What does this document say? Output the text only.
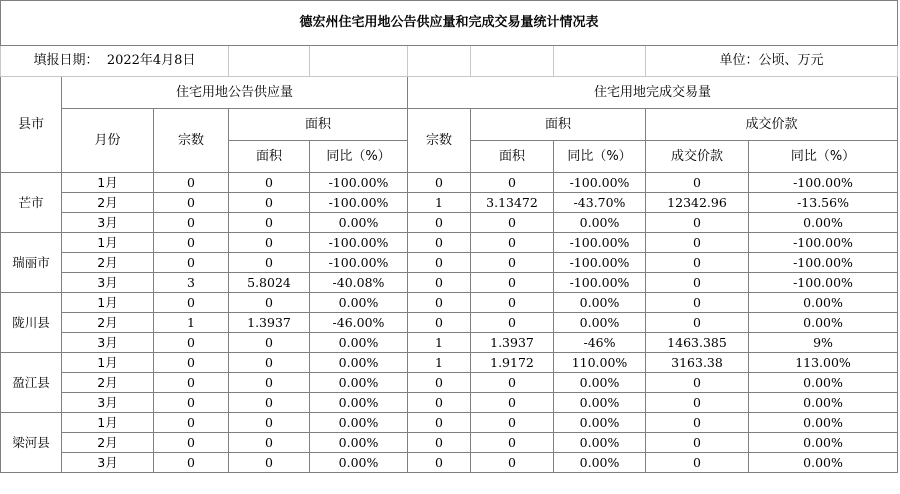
德宏州住宅用地公告供应量和完成交易量统计情况表									
填报日期： 2022年4月8日								单位：公顷、万元	
县市	住宅用地公告供应量				住宅用地完成交易量				
	月份	宗数	面积		宗数	面积		成交价款	
			面积	同比（%）		面积	同比（%）	成交价款	同比（%）
芒市	1月	0	0	-100.00%	0	0	-100.00%	0	-100.00%
	2月	0	0	-100.00%	1	3.13472	-43.70%	12342.96	-13.56%
	3月	0	0	0.00%	0	0	0.00%	0	0.00%
瑞丽市	1月	0	0	-100.00%	0	0	-100.00%	0	-100.00%
	2月	0	0	-100.00%	0	0	-100.00%	0	-100.00%
	3月	3	5.8024	-40.08%	0	0	-100.00%	0	-100.00%
陇川县	1月	0	0	0.00%	0	0	0.00%	0	0.00%
	2月	1	1.3937	-46.00%	0	0	0.00%	0	0.00%
	3月	0	0	0.00%	1	1.3937	-46%	1463.385	9%
盈江县	1月	0	0	0.00%	1	1.9172	110.00%	3163.38	113.00%
	2月	0	0	0.00%	0	0	0.00%	0	0.00%
	3月	0	0	0.00%	0	0	0.00%	0	0.00%
梁河县	1月	0	0	0.00%	0	0	0.00%	0	0.00%
	2月	0	0	0.00%	0	0	0.00%	0	0.00%
	3月	0	0	0.00%	0	0	0.00%	0	0.00%
